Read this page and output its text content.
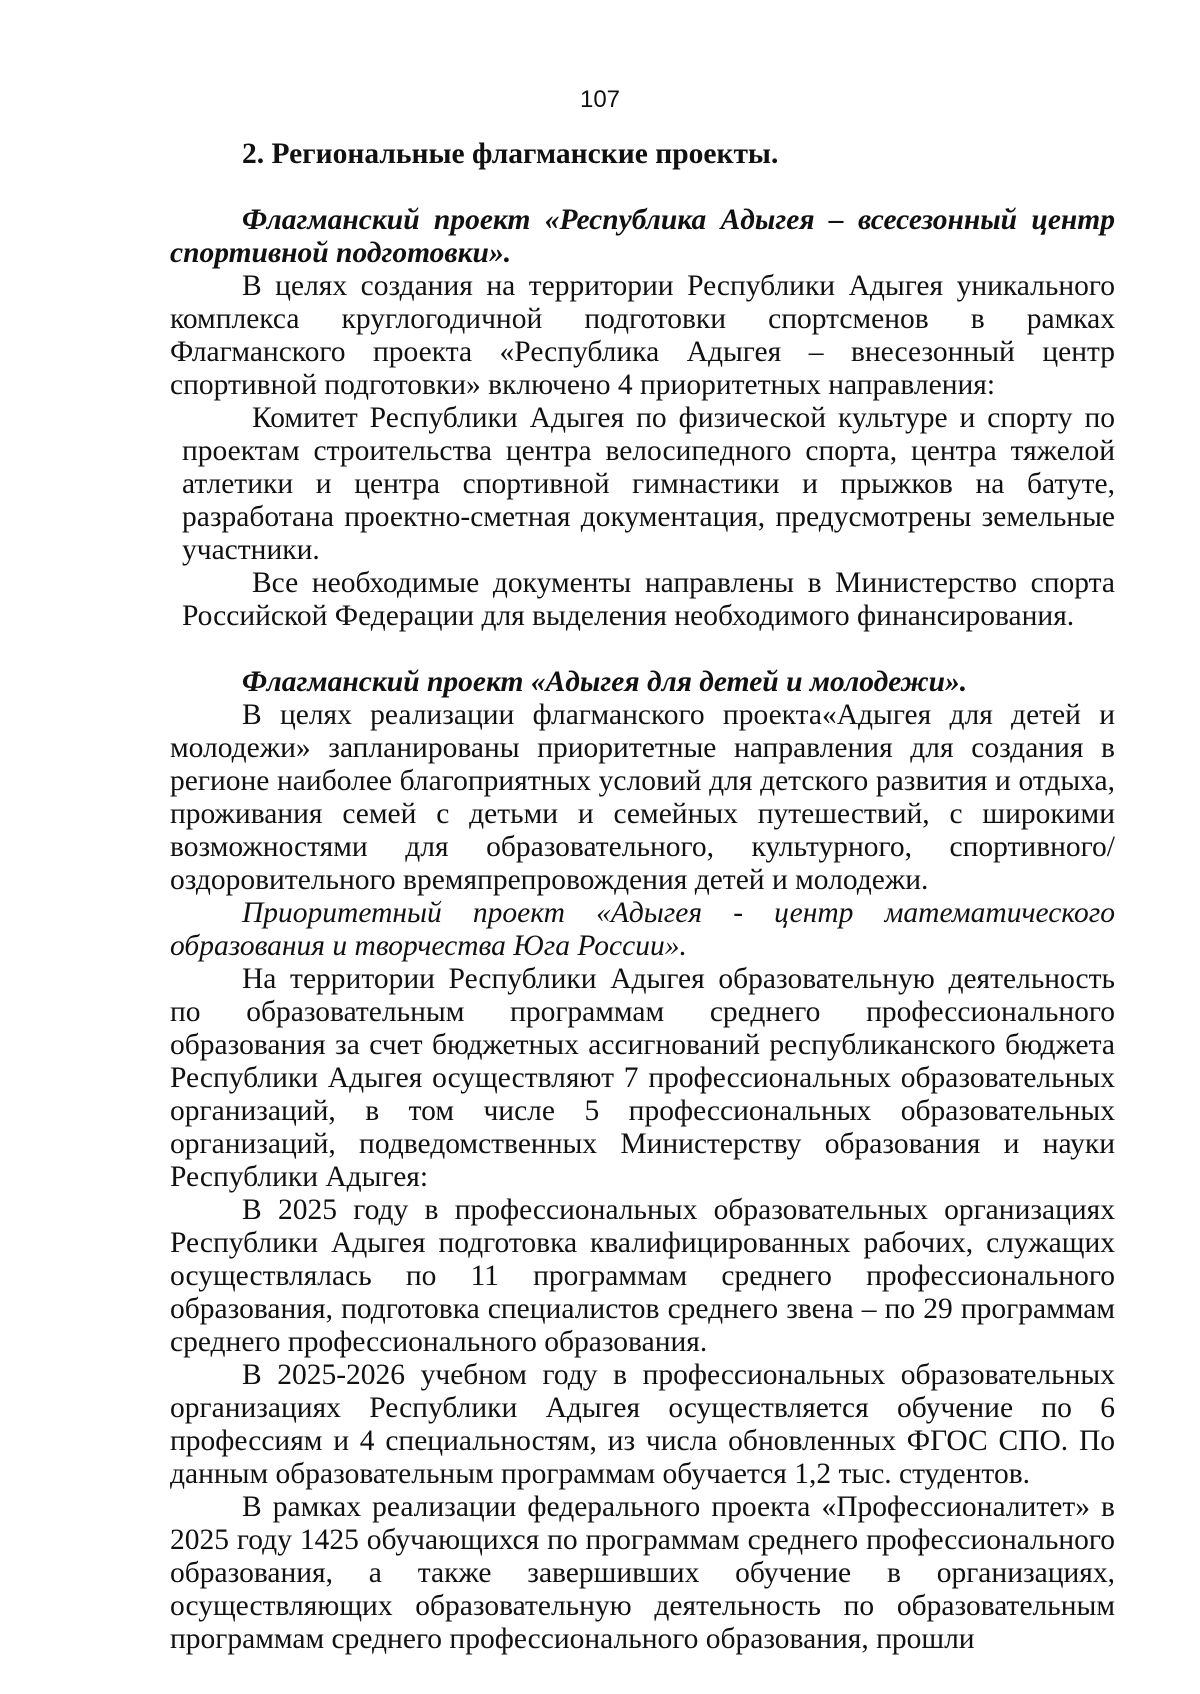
107

2. Региональные флагманские проекты.

Флагманский проект «Республика Адыгея – всесезонный центр спортивной подготовки».

В целях создания на территории Республики Адыгея уникального комплекса круглогодичной подготовки спортсменов в рамках Флагманского проекта «Республика Адыгея – внесезонный центр спортивной подготовки» включено 4 приоритетных направления:

Комитет Республики Адыгея по физической культуре и спорту по проектам строительства центра велосипедного спорта, центра тяжелой атлетики и центра спортивной гимнастики и прыжков на батуте, разработана проектно-сметная документация, предусмотрены земельные участники.

Все необходимые документы направлены в Министерство спорта Российской Федерации для выделения необходимого финансирования.

Флагманский проект «Адыгея для детей и молодежи».

В целях реализации флагманского проекта«Адыгея для детей и молодежи» запланированы приоритетные направления для создания в регионе наиболее благоприятных условий для детского развития и отдыха, проживания семей с детьми и семейных путешествий, с широкими возможностями для образовательного, культурного, спортивного/оздоровительного времяпрепровождения детей и молодежи.

Приоритетный проект «Адыгея - центр математического образования и творчества Юга России».

На территории Республики Адыгея образовательную деятельность по образовательным программам среднего профессионального образования за счет бюджетных ассигнований республиканского бюджета Республики Адыгея осуществляют 7 профессиональных образовательных организаций, в том числе 5 профессиональных образовательных организаций, подведомственных Министерству образования и науки Республики Адыгея:

В 2025 году в профессиональных образовательных организациях Республики Адыгея подготовка квалифицированных рабочих, служащих осуществлялась по 11 программам среднего профессионального образования, подготовка специалистов среднего звена – по 29 программам среднего профессионального образования.

В 2025-2026 учебном году в профессиональных образовательных организациях Республики Адыгея осуществляется обучение по 6 профессиям и 4 специальностям, из числа обновленных ФГОС СПО. По данным образовательным программам обучается 1,2 тыс. студентов.

В рамках реализации федерального проекта «Профессионалитет» в 2025 году 1425 обучающихся по программам среднего профессионального образования, а также завершивших обучение в организациях, осуществляющих образовательную деятельность по образовательным программам среднего профессионального образования, прошли
